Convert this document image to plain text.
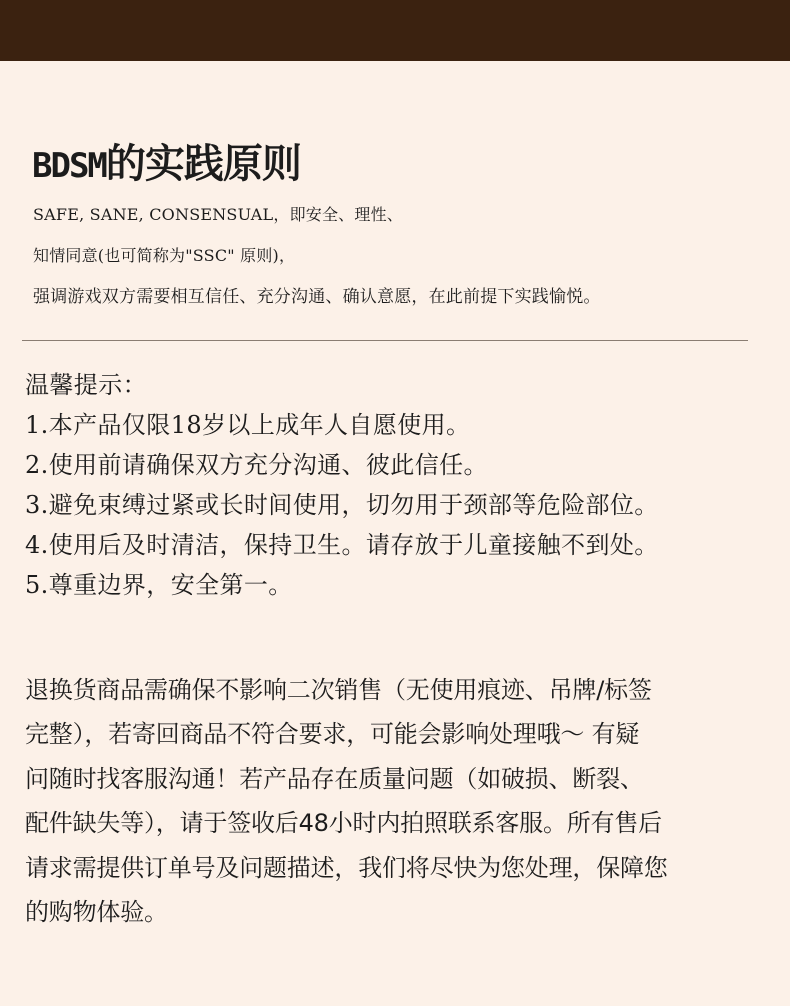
BDSM的实践原则
SAFE, SANE, CONSENSUAL，即安全、理性、
知情同意(也可简称为"SSC" 原则)，
强调游戏双方需要相互信任、充分沟通、确认意愿，在此前提下实践愉悦。
温馨提示：
1.本产品仅限18岁以上成年人自愿使用。
2.使用前请确保双方充分沟通、彼此信任。
3.避免束缚过紧或长时间使用，切勿用于颈部等危险部位。
4.使用后及时清洁，保持卫生。请存放于儿童接触不到处。
5.尊重边界，安全第一。
退换货商品需确保不影响二次销售（无使用痕迹、吊牌/标签
完整），若寄回商品不符合要求，可能会影响处理哦～ 有疑
问随时找客服沟通！若产品存在质量问题（如破损、断裂、
配件缺失等），请于签收后48小时内拍照联系客服。所有售后
请求需提供订单号及问题描述，我们将尽快为您处理，保障您
的购物体验。
